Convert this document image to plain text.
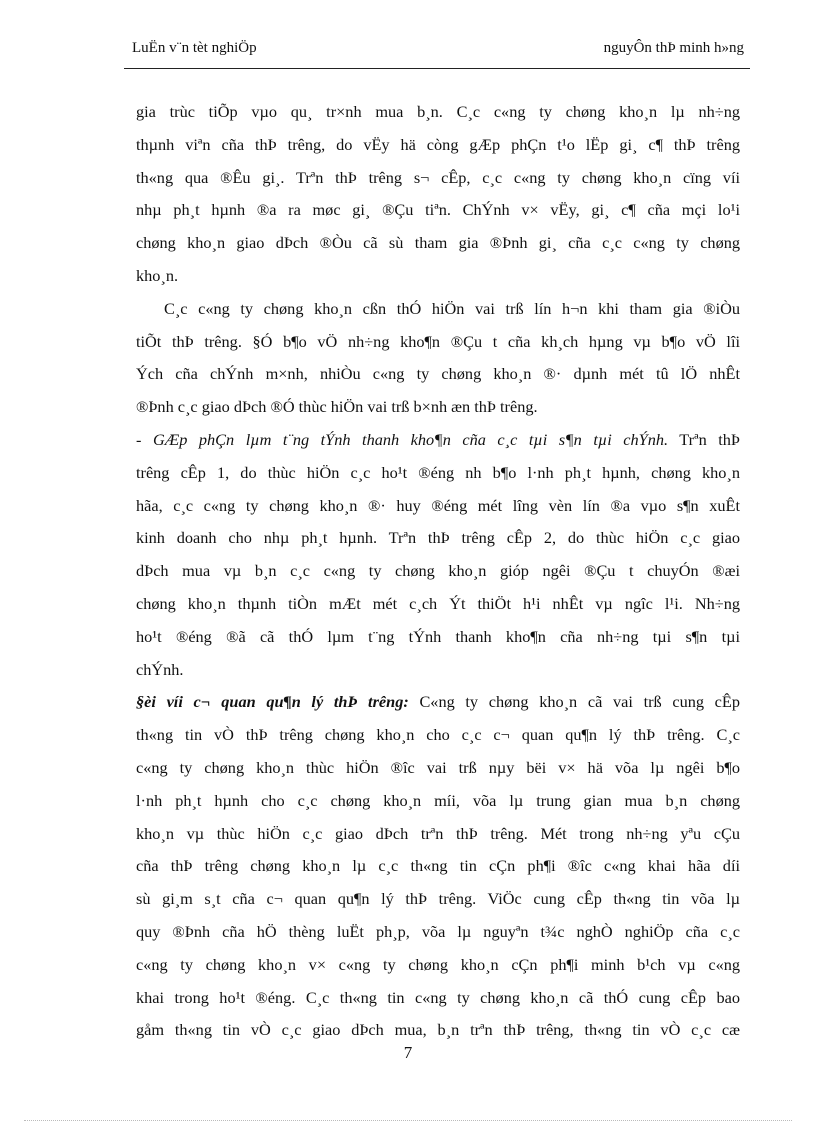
LuËn v¨n tèt nghiÖp	nguyÔn thÞ minh h»ng
gia trùc tiÕp vµo qu¸ tr×nh mua b¸n. C¸c c«ng ty chøng kho¸n lµ nh÷ng
thµnh viªn cña thÞ trêng, do vËy hä còng gÆp phÇn t¹o lËp gi¸ c¶ thÞ trêng
th«ng qua ®Êu gi¸. Trªn thÞ trêng s¬ cÊp, c¸c c«ng ty chøng kho¸n cïng víi
nhµ ph¸t hµnh ®a ra møc gi¸ ®Çu tiªn. ChÝnh v× vËy, gi¸ c¶ cña mçi lo¹i
chøng kho¸n giao dÞch ®Òu cã sù tham gia ®Þnh gi¸ cña c¸c c«ng ty chøng
kho¸n.
C¸c c«ng ty chøng kho¸n cßn thÓ hiÖn vai trß lín h¬n khi tham gia ®iÒu
tiÕt thÞ trêng. §Ó b¶o vÖ nh÷ng kho¶n ®Çu t cña kh¸ch hµng vµ b¶o vÖ lîi
Ých cña chÝnh m×nh, nhiÒu c«ng ty chøng kho¸n ®· dµnh mét tû lÖ nhÊt
®Þnh c¸c giao dÞch ®Ó thùc hiÖn vai trß b×nh æn thÞ trêng.
- GÆp phÇn lµm t¨ng tÝnh thanh kho¶n cña c¸c tµi s¶n tµi chÝnh. Trªn thÞ
trêng cÊp 1, do thùc hiÖn c¸c ho¹t ®éng nh b¶o l·nh ph¸t hµnh, chøng kho¸n
hãa, c¸c c«ng ty chøng kho¸n ®· huy ®éng mét lîng vèn lín ®a vµo s¶n xuÊt
kinh doanh cho nhµ ph¸t hµnh. Trªn thÞ trêng cÊp 2, do thùc hiÖn c¸c giao
dÞch mua vµ b¸n c¸c c«ng ty chøng kho¸n gióp ngêi ®Çu t chuyÓn ®æi
chøng kho¸n thµnh tiÒn mÆt mét c¸ch Ýt thiÖt h¹i nhÊt vµ ngîc l¹i. Nh÷ng
ho¹t ®éng ®ã cã thÓ lµm t¨ng tÝnh thanh kho¶n cña nh÷ng tµi s¶n tµi
chÝnh.
§èi víi c¬ quan qu¶n lý thÞ trêng: C«ng ty chøng kho¸n cã vai trß cung cÊp
th«ng tin vÒ thÞ trêng chøng kho¸n cho c¸c c¬ quan qu¶n lý thÞ trêng. C¸c
c«ng ty chøng kho¸n thùc hiÖn ®îc vai trß nµy bëi v× hä võa lµ ngêi b¶o
l·nh ph¸t hµnh cho c¸c chøng kho¸n míi, võa lµ trung gian mua b¸n chøng
kho¸n vµ thùc hiÖn c¸c giao dÞch trªn thÞ trêng. Mét trong nh÷ng yªu cÇu
cña thÞ trêng chøng kho¸n lµ c¸c th«ng tin cÇn ph¶i ®îc c«ng khai hãa díi
sù gi¸m s¸t cña c¬ quan qu¶n lý thÞ trêng. ViÖc cung cÊp th«ng tin võa lµ
quy ®Þnh cña hÖ thèng luËt ph¸p, võa lµ nguyªn t¾c nghÒ nghiÖp cña c¸c
c«ng ty chøng kho¸n v× c«ng ty chøng kho¸n cÇn ph¶i minh b¹ch vµ c«ng
khai trong ho¹t ®éng. C¸c th«ng tin c«ng ty chøng kho¸n cã thÓ cung cÊp bao
gåm th«ng tin vÒ c¸c giao dÞch mua, b¸n trªn thÞ trêng, th«ng tin vÒ c¸c cæ
7
